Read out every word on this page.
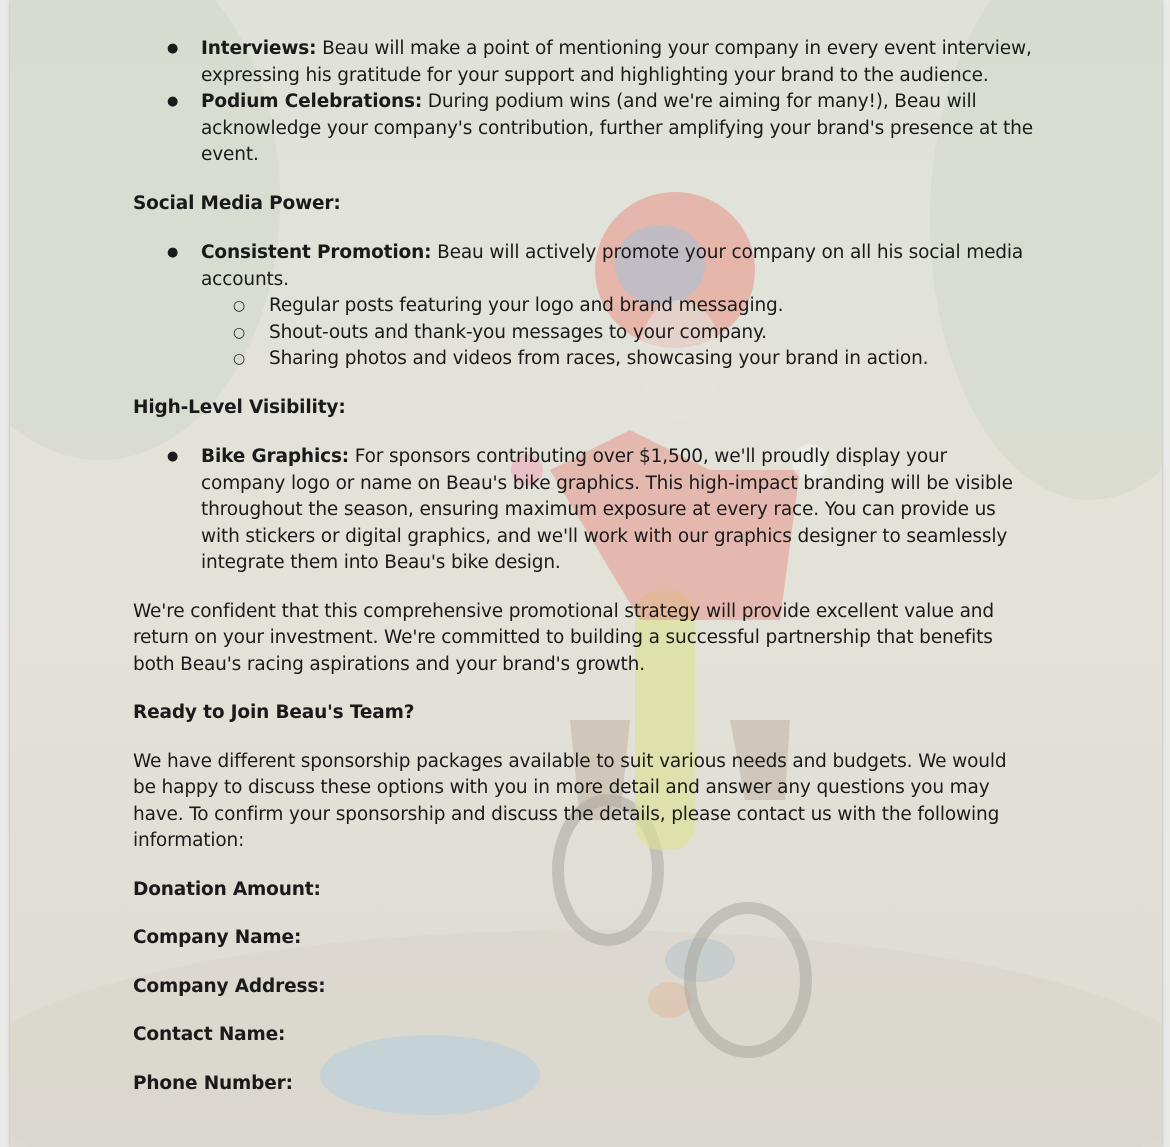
● Interviews: Beau will make a point of mentioning your company in every event interview, expressing his gratitude for your support and highlighting your brand to the audience.
● Podium Celebrations: During podium wins (and we're aiming for many!), Beau will acknowledge your company's contribution, further amplifying your brand's presence at the event.
Social Media Power:
● Consistent Promotion: Beau will actively promote your company on all his social media accounts.
○ Regular posts featuring your logo and brand messaging.
○ Shout-outs and thank-you messages to your company.
○ Sharing photos and videos from races, showcasing your brand in action.
High-Level Visibility:
● Bike Graphics: For sponsors contributing over $1,500, we'll proudly display your company logo or name on Beau's bike graphics. This high-impact branding will be visible throughout the season, ensuring maximum exposure at every race. You can provide us with stickers or digital graphics, and we'll work with our graphics designer to seamlessly integrate them into Beau's bike design.
We're confident that this comprehensive promotional strategy will provide excellent value and return on your investment. We're committed to building a successful partnership that benefits both Beau's racing aspirations and your brand's growth.
Ready to Join Beau's Team?
We have different sponsorship packages available to suit various needs and budgets. We would be happy to discuss these options with you in more detail and answer any questions you may have. To confirm your sponsorship and discuss the details, please contact us with the following information:
Donation Amount:
Company Name:
Company Address:
Contact Name:
Phone Number:
